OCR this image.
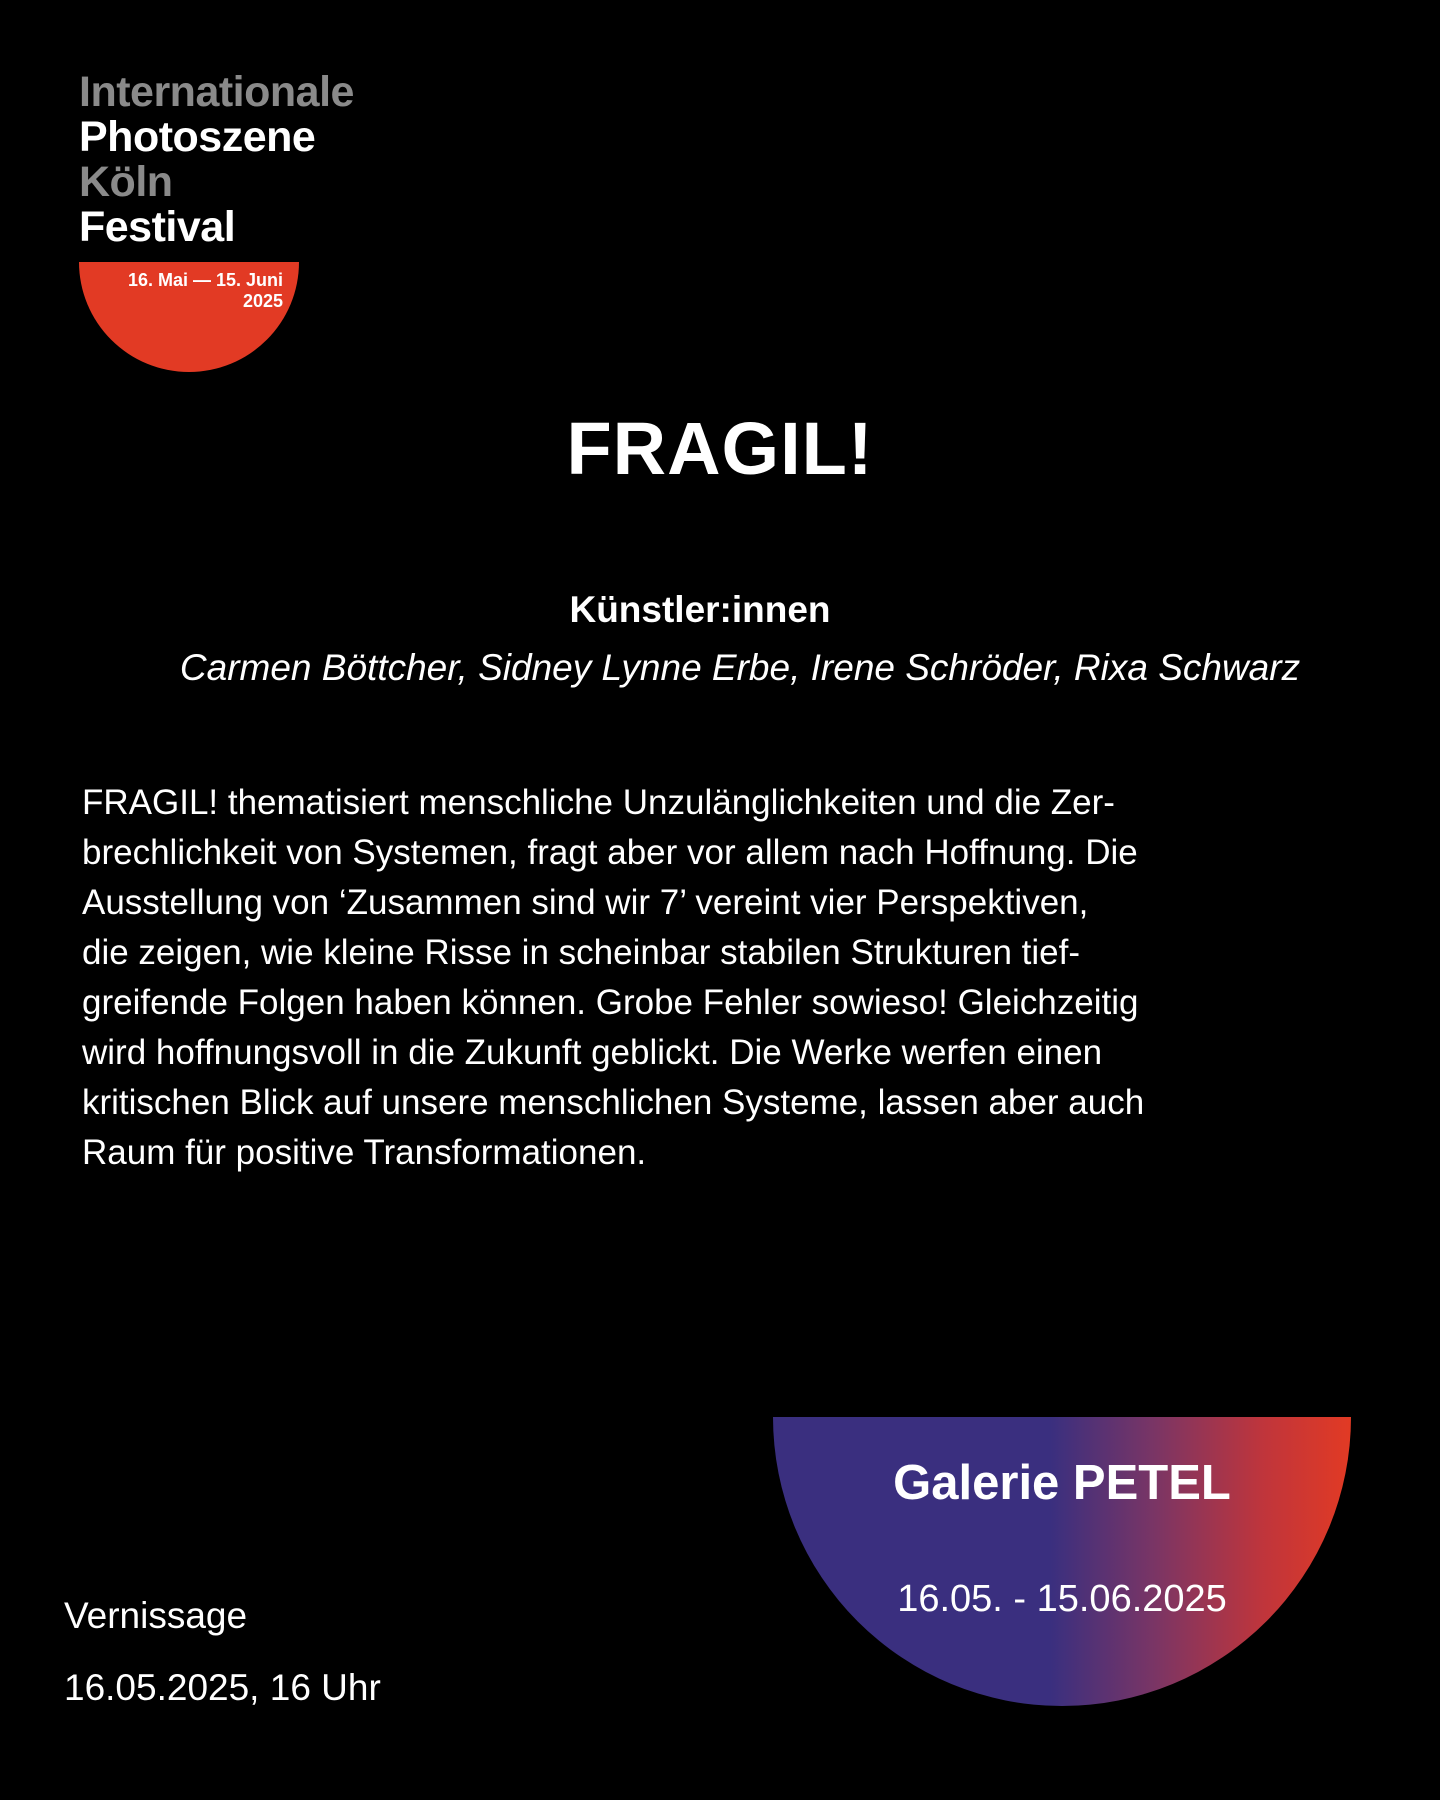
Internationale
Photoszene
Köln
Festival
16. Mai — 15. Juni
2025
FRAGIL!
Künstler:innen
Carmen Böttcher, Sidney Lynne Erbe, Irene Schröder, Rixa Schwarz
FRAGIL! thematisiert menschliche Unzulänglichkeiten und die Zer-
brechlichkeit von Systemen, fragt aber vor allem nach Hoffnung. Die
Ausstellung von ‘Zusammen sind wir 7’ vereint vier Perspektiven,
die zeigen, wie kleine Risse in scheinbar stabilen Strukturen tief-
greifende Folgen haben können. Grobe Fehler sowieso! Gleichzeitig
wird hoffnungsvoll in die Zukunft geblickt. Die Werke werfen einen
kritischen Blick auf unsere menschlichen Systeme, lassen aber auch
Raum für positive Transformationen.
Vernissage
16.05.2025, 16 Uhr
Galerie PETEL
16.05. - 15.06.2025
